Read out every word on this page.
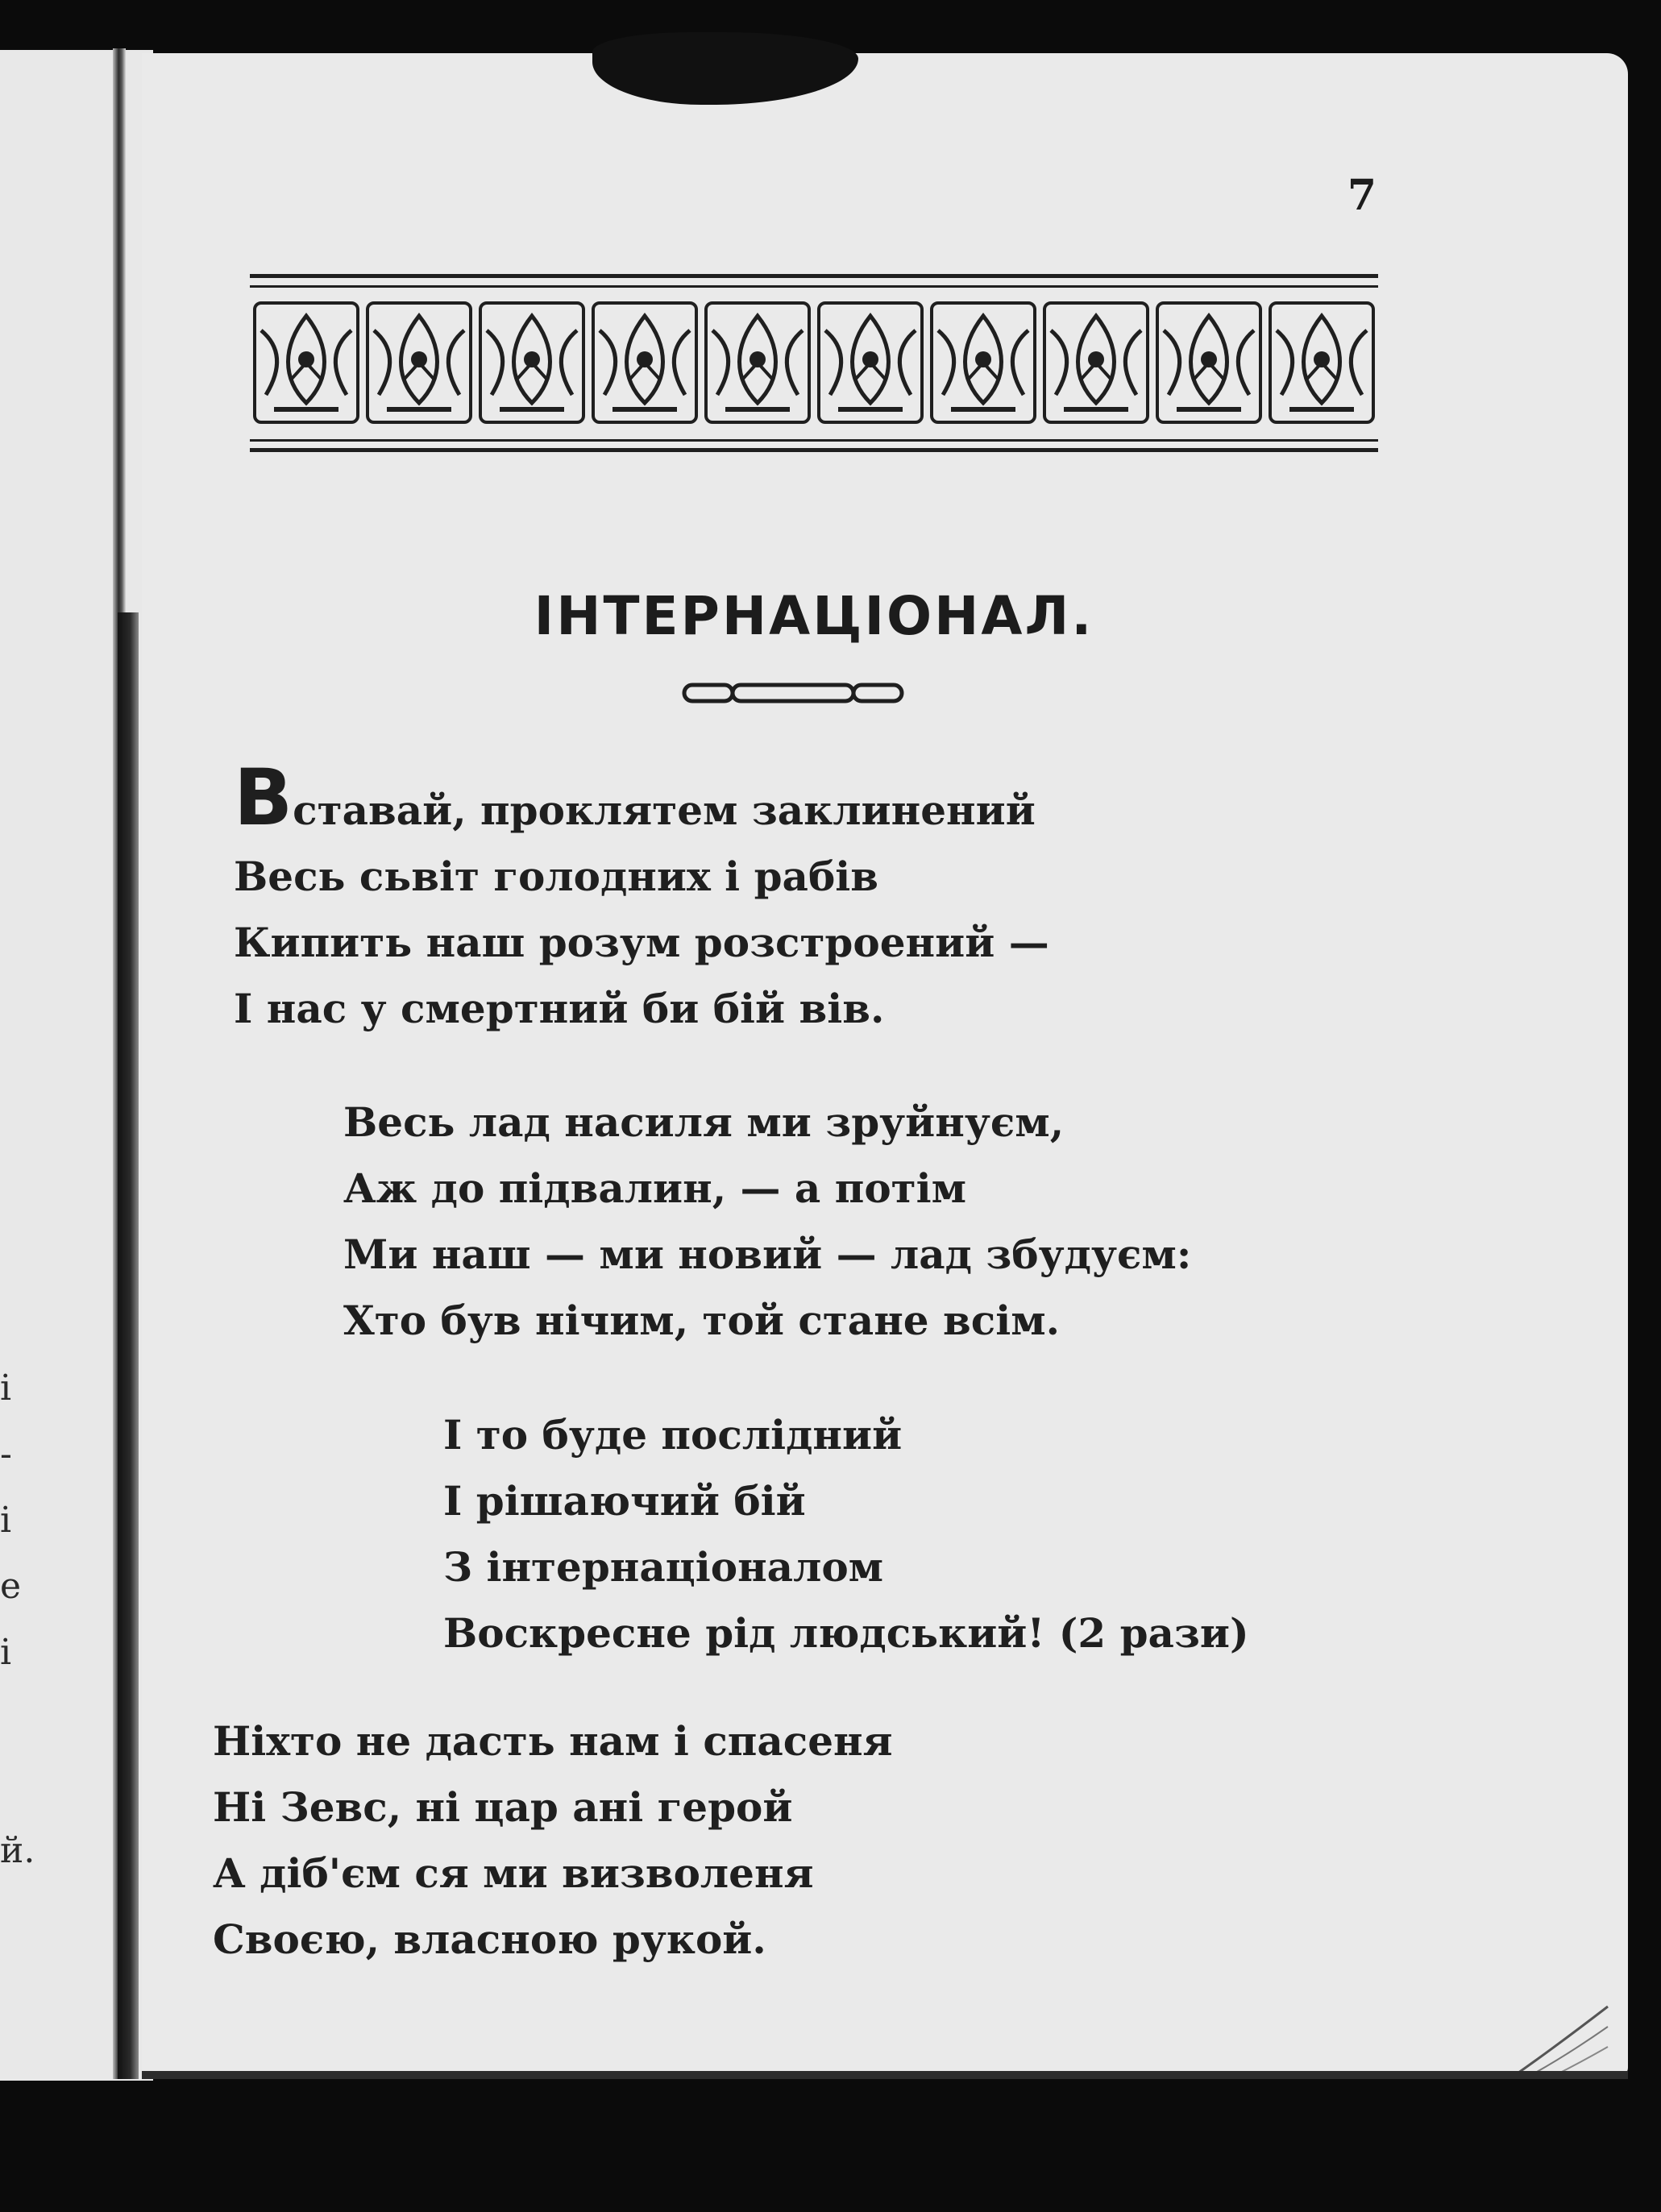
і
-
і
е
і
й.
7
ІНТЕРНАЦІОНАЛ.
Вставай, проклятем заклинений
Весь сьвіт голодних і рабів
Кипить наш розум розстроений —
І нас у смертний би бій вів.
Весь лад насиля ми зруйнуєм,
Аж до підвалин, — а потім
Ми наш — ми новий — лад збудуєм:
Хто був нічим, той стане всім.
І то буде послідний
І рішаючий бій
З інтернаціоналом
Воскресне рід людський! (2 рази)
Ніхто не дасть нам і спасеня
Ні Зевс, ні цар ані герой
А діб'єм ся ми визволеня
Своєю, власною рукой.
